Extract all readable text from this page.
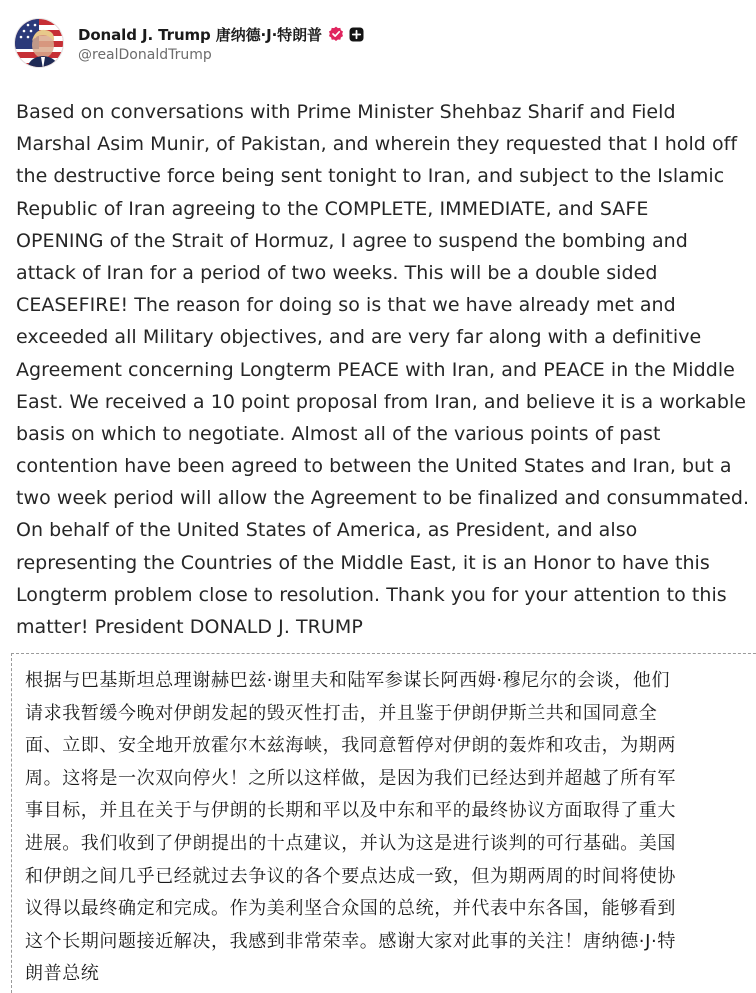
Donald J. Trump 唐纳德·J·特朗普
@realDonaldTrump
Based on conversations with Prime Minister Shehbaz Sharif and Field
Marshal Asim Munir, of Pakistan, and wherein they requested that I hold off
the destructive force being sent tonight to Iran, and subject to the Islamic
Republic of Iran agreeing to the COMPLETE, IMMEDIATE, and SAFE
OPENING of the Strait of Hormuz, I agree to suspend the bombing and
attack of Iran for a period of two weeks. This will be a double sided
CEASEFIRE! The reason for doing so is that we have already met and
exceeded all Military objectives, and are very far along with a definitive
Agreement concerning Longterm PEACE with Iran, and PEACE in the Middle
East. We received a 10 point proposal from Iran, and believe it is a workable
basis on which to negotiate. Almost all of the various points of past
contention have been agreed to between the United States and Iran, but a
two week period will allow the Agreement to be finalized and consummated.
On behalf of the United States of America, as President, and also
representing the Countries of the Middle East, it is an Honor to have this
Longterm problem close to resolution. Thank you for your attention to this
matter! President DONALD J. TRUMP
根据与巴基斯坦总理谢赫巴兹·谢里夫和陆军参谋长阿西姆·穆尼尔的会谈，他们
请求我暂缓今晚对伊朗发起的毁灭性打击，并且鉴于伊朗伊斯兰共和国同意全
面、立即、安全地开放霍尔木兹海峡，我同意暂停对伊朗的轰炸和攻击，为期两
周。这将是一次双向停火！之所以这样做，是因为我们已经达到并超越了所有军
事目标，并且在关于与伊朗的长期和平以及中东和平的最终协议方面取得了重大
进展。我们收到了伊朗提出的十点建议，并认为这是进行谈判的可行基础。美国
和伊朗之间几乎已经就过去争议的各个要点达成一致，但为期两周的时间将使协
议得以最终确定和完成。作为美利坚合众国的总统，并代表中东各国，能够看到
这个长期问题接近解决，我感到非常荣幸。感谢大家对此事的关注！唐纳德·J·特
朗普总统
